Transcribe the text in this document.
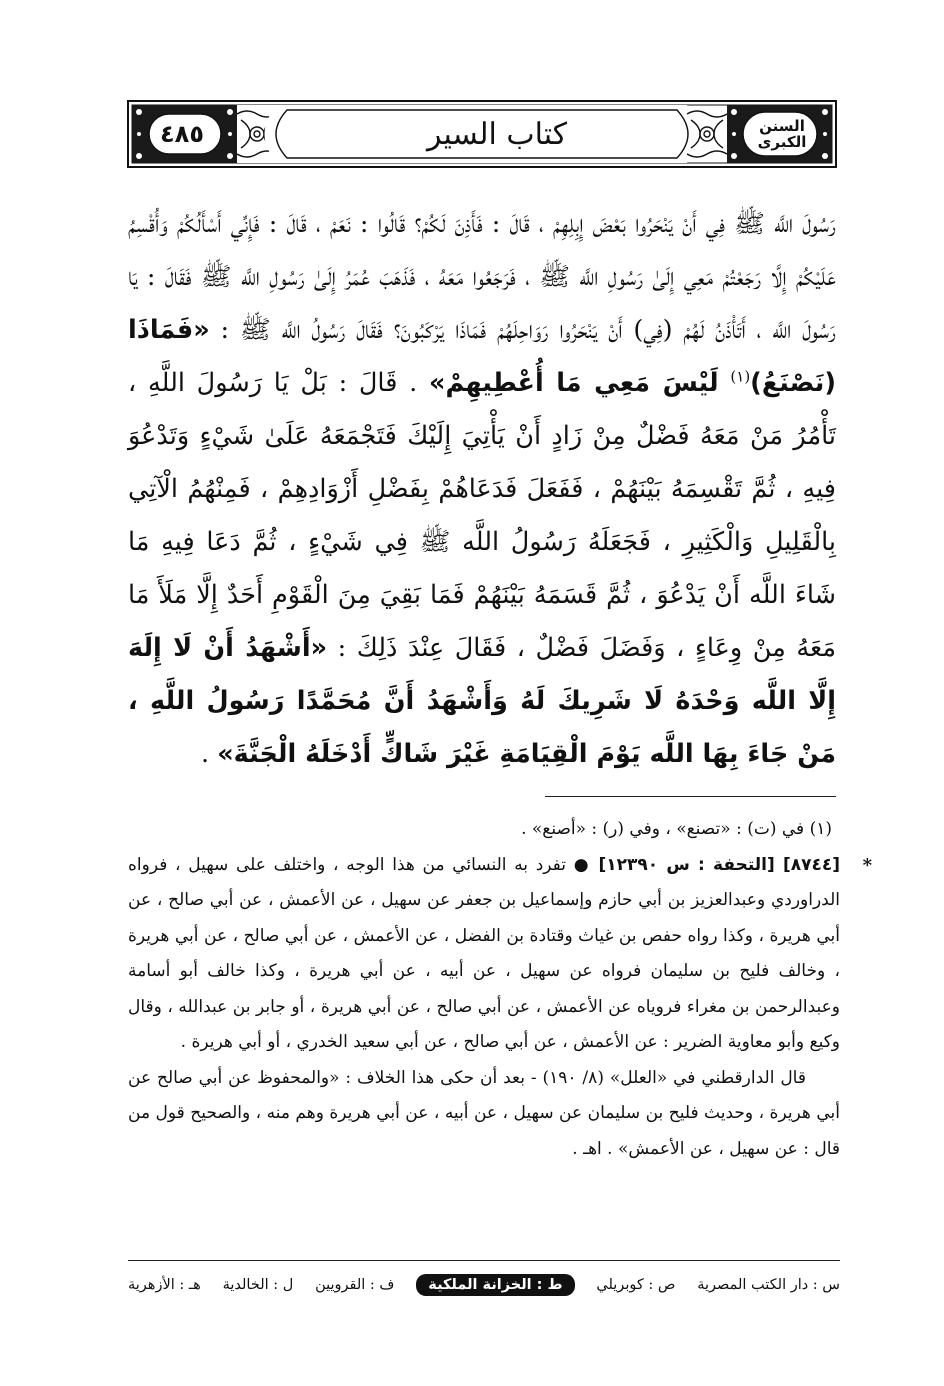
٤٨٥	كتاب السير	السنن
الكبرى

رَسُولَ اللَّه ﷺ فِي أَنْ يَنْحَرُوا بَعْضَ إِبِلِهِمْ ، قَالَ : فَأَذِنَ لَكُمْ؟ قَالُوا : نَعَمْ ، قَالَ : فَإِنِّي أَسْأَلُكُمْ وَأُقْسِمُ عَلَيْكُمْ إِلَّا رَجَعْتُمْ مَعِي إِلَىٰ رَسُولِ اللَّه ﷺ ، فَرَجَعُوا مَعَهُ ، فَذَهَبَ عُمَرُ إِلَىٰ رَسُولِ اللَّه ﷺ فَقَالَ : يَا رَسُولَ اللَّه ، أَتَأْذَنُ لَهُمْ (فِي) أَنْ يَنْحَرُوا رَوَاحِلَهُمْ فَمَاذَا يَرْكَبُونَ؟ فَقَالَ رَسُولُ اللَّه ﷺ : «فَمَاذَا (نَصْنَعُ)$^{(١)}$ لَيْسَ مَعِي مَا أُعْطِيهِمْ» . قَالَ : بَلْ يَا رَسُولَ اللَّهِ ، تَأْمُرُ مَنْ مَعَهُ فَضْلٌ مِنْ زَادٍ أَنْ يَأْتِيَ إِلَيْكَ فَتَجْمَعَهُ عَلَىٰ شَيْءٍ وَتَدْعُوَ فِيهِ ، ثُمَّ تَقْسِمَهُ بَيْنَهُمْ ، فَفَعَلَ فَدَعَاهُمْ بِفَضْلِ أَزْوَادِهِمْ ، فَمِنْهُمُ الْآتِي بِالْقَلِيلِ وَالْكَثِيرِ ، فَجَعَلَهُ رَسُولُ اللَّه ﷺ فِي شَيْءٍ ، ثُمَّ دَعَا فِيهِ مَا شَاءَ اللَّه أَنْ يَدْعُوَ ، ثُمَّ قَسَمَهُ بَيْنَهُمْ فَمَا بَقِيَ مِنَ الْقَوْمِ أَحَدٌ إِلَّا مَلَأَ مَا مَعَهُ مِنْ وِعَاءٍ ، وَفَضَلَ فَضْلٌ ، فَقَالَ عِنْدَ ذَلِكَ : «أَشْهَدُ أَنْ لَا إِلَهَ إِلَّا اللَّه وَحْدَهُ لَا شَرِيكَ لَهُ وَأَشْهَدُ أَنَّ مُحَمَّدًا رَسُولُ اللَّهِ ، مَنْ جَاءَ بِهَا اللَّه يَوْمَ الْقِيَامَةِ غَيْرَ شَاكٍّ أَدْخَلَهُ الْجَنَّةَ» .

(١) في (ت) : «تصنع» ، وفي (ر) : «أصنع» .

*
[٨٧٤٤] [التحفة : س ١٢٣٩٠] ● تفرد به النسائي من هذا الوجه ، واختلف على سهيل ، فرواه الدراوردي وعبدالعزيز بن أبي حازم وإسماعيل بن جعفر عن سهيل ، عن الأعمش ، عن أبي صالح ، عن أبي هريرة ، وكذا رواه حفص بن غياث وقتادة بن الفضل ، عن الأعمش ، عن أبي صالح ، عن أبي هريرة ، وخالف فليح بن سليمان فرواه عن سهيل ، عن أبيه ، عن أبي هريرة ، وكذا خالف أبو أسامة وعبدالرحمن بن مغراء فروياه عن الأعمش ، عن أبي صالح ، عن أبي هريرة ، أو جابر بن عبدالله ، وقال وكيع وأبو معاوية الضرير : عن الأعمش ، عن أبي صالح ، عن أبي سعيد الخدري ، أو أبي هريرة .

قال الدارقطني في «العلل» (٨/ ١٩٠) - بعد أن حكى هذا الخلاف : «والمحفوظ عن أبي صالح عن أبي هريرة ، وحديث فليح بن سليمان عن سهيل ، عن أبيه ، عن أبي هريرة وهم منه ، والصحيح قول من قال : عن سهيل ، عن الأعمش» . اهـ .

س : دار الكتب المصرية
ص : كوبريلي
ط : الخزانة الملكية
ف : القرويين
ل : الخالدية
هـ : الأزهرية
